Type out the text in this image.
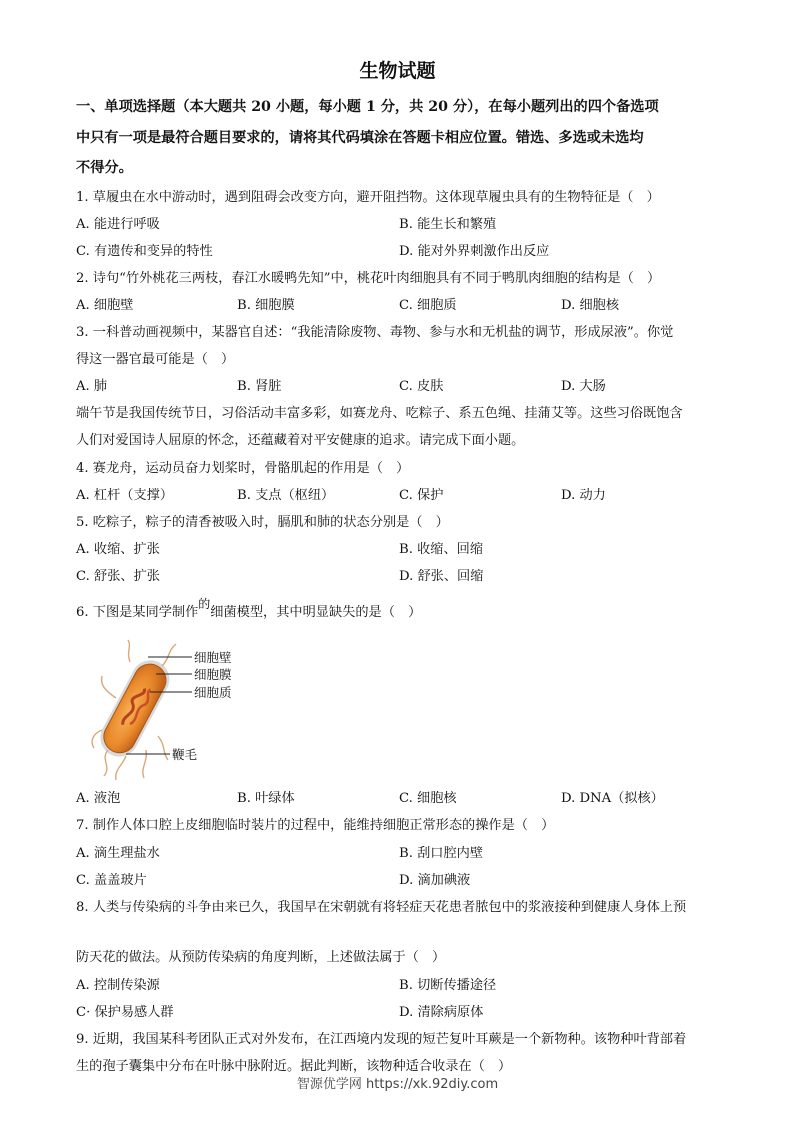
生物试题
一、单项选择题（本大题共 20 小题，每小题 1 分，共 20 分），在每小题列出的四个备选项
中只有一项是最符合题目要求的，请将其代码填涂在答题卡相应位置。错选、多选或未选均
不得分。
1. 草履虫在水中游动时，遇到阻碍会改变方向，避开阻挡物。这体现草履虫具有的生物特征是（　）
A. 能进行呼吸	B. 能生长和繁殖
C. 有遗传和变异的特性	D. 能对外界刺激作出反应
2. 诗句“竹外桃花三两枝，春江水暖鸭先知”中，桃花叶肉细胞具有不同于鸭肌肉细胞的结构是（　）
A. 细胞壁	B. 细胞膜	C. 细胞质	D. 细胞核
3. 一科普动画视频中，某器官自述：“我能清除废物、毒物、参与水和无机盐的调节，形成尿液”。你觉
得这一器官最可能是（　）
A. 肺	B. 肾脏	C. 皮肤	D. 大肠
端午节是我国传统节日，习俗活动丰富多彩，如赛龙舟、吃粽子、系五色绳、挂蒲艾等。这些习俗既饱含
人们对爱国诗人屈原的怀念，还蕴藏着对平安健康的追求。请完成下面小题。
4. 赛龙舟，运动员奋力划桨时，骨骼肌起的作用是（　）
A. 杠杆（支撑）	B. 支点（枢纽）	C. 保护	D. 动力
5. 吃粽子，粽子的清香被吸入时，膈肌和肺的状态分别是（　）
A. 收缩、扩张	B. 收缩、回缩
C. 舒张、扩张	D. 舒张、回缩
6. 下图是某同学制作的细菌模型，其中明显缺失的是（　）
细胞壁
细胞膜
细胞质
鞭毛
A. 液泡	B. 叶绿体	C. 细胞核	D. DNA（拟核）
7. 制作人体口腔上皮细胞临时装片的过程中，能维持细胞正常形态的操作是（　）
A. 滴生理盐水	B. 刮口腔内壁
C. 盖盖玻片	D. 滴加碘液
8. 人类与传染病的斗争由来已久，我国早在宋朝就有将轻症天花患者脓包中的浆液接种到健康人身体上预
防天花的做法。从预防传染病的角度判断，上述做法属于（　）
A. 控制传染源	B. 切断传播途径
C· 保护易感人群	D. 清除病原体
9. 近期，我国某科考团队正式对外发布，在江西境内发现的短芒复叶耳蕨是一个新物种。该物种叶背部着
生的孢子囊集中分布在叶脉中脉附近。据此判断，该物种适合收录在（　）
智源优学网 https://xk.92diy.com
